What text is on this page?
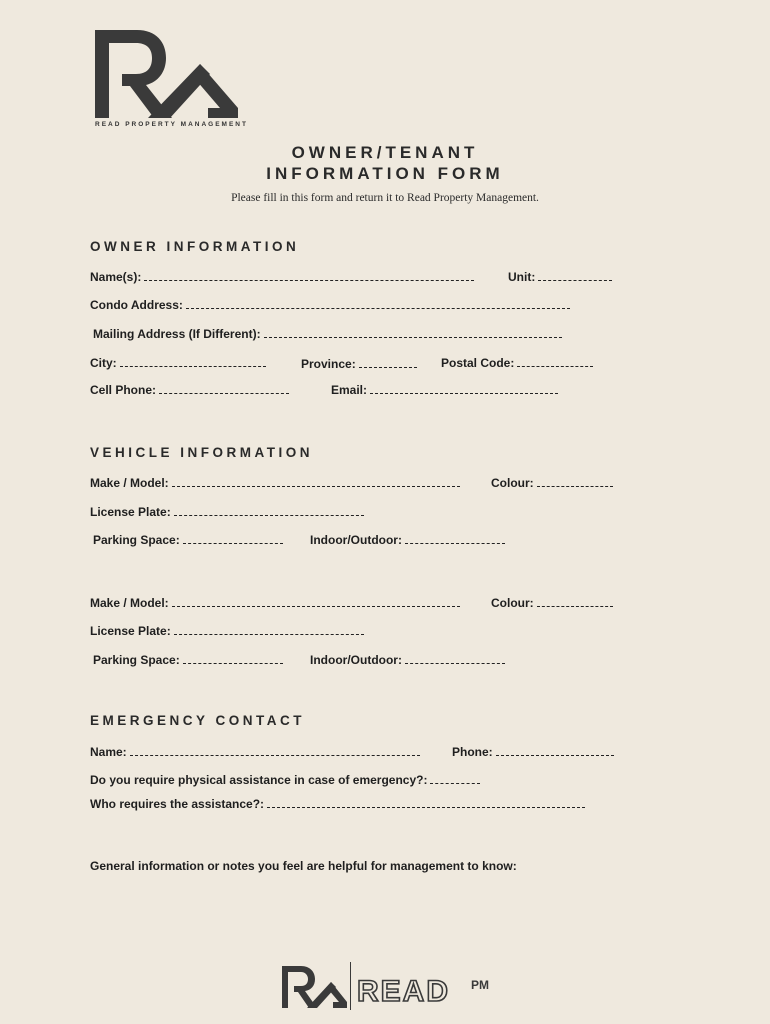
READ PROPERTY MANAGEMENT
OWNER/TENANT
INFORMATION FORM
Please fill in this form and return it to Read Property Management.
OWNER INFORMATION
Name(s):	Unit:
Condo Address:
Mailing Address (If Different):
City:	Province:	Postal Code:
Cell Phone:	Email:
VEHICLE INFORMATION
Make / Model:	Colour:
License Plate:
Parking Space:	Indoor/Outdoor:
Make / Model:	Colour:
License Plate:
Parking Space:	Indoor/Outdoor:
EMERGENCY CONTACT
Name:	Phone:
Do you require physical assistance in case of emergency?:
Who requires the assistance?:
General information or notes you feel are helpful for management to know:
READ PM
